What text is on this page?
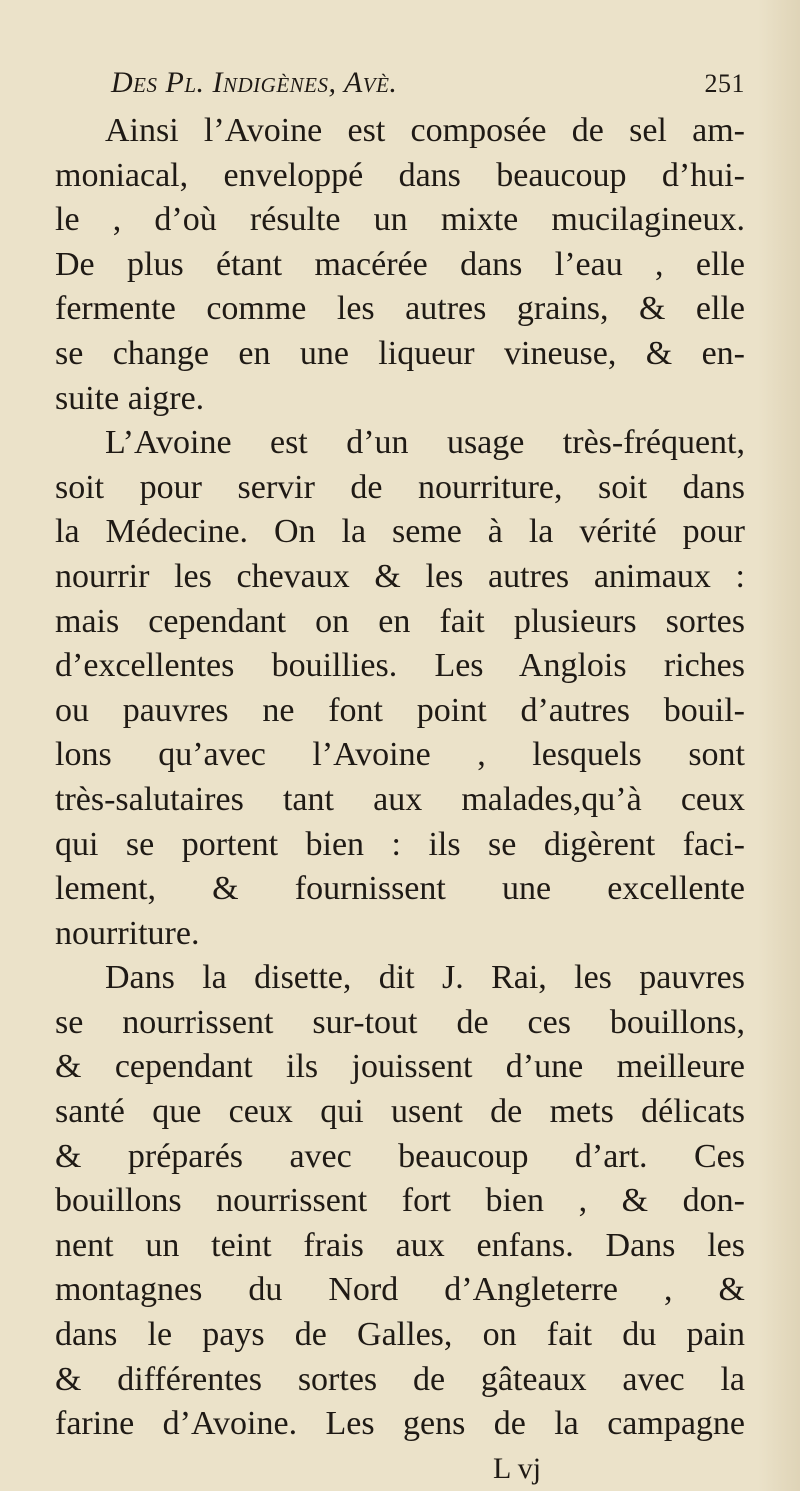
Des Pl. Indigènes, Avè.	251
Ainsi l’Avoine est composée de sel am-
moniacal, enveloppé dans beaucoup d’hui-
le , d’où résulte un mixte mucilagineux.
De plus étant macérée dans l’eau , elle
fermente comme les autres grains, & elle
se change en une liqueur vineuse, & en-
suite aigre.
L’Avoine est d’un usage très-fréquent,
soit pour servir de nourriture, soit dans
la Médecine. On la seme à la vérité pour
nourrir les chevaux & les autres animaux :
mais cependant on en fait plusieurs sortes
d’excellentes bouillies. Les Anglois riches
ou pauvres ne font point d’autres bouil-
lons qu’avec l’Avoine , lesquels sont
très-salutaires tant aux malades,qu’à ceux
qui se portent bien : ils se digèrent faci-
lement, & fournissent une excellente
nourriture.
Dans la disette, dit J. Rai, les pauvres
se nourrissent sur-tout de ces bouillons,
& cependant ils jouissent d’une meilleure
santé que ceux qui usent de mets délicats
& préparés avec beaucoup d’art. Ces
bouillons nourrissent fort bien , & don-
nent un teint frais aux enfans. Dans les
montagnes du Nord d’Angleterre , &
dans le pays de Galles, on fait du pain
& différentes sortes de gâteaux avec la
farine d’Avoine. Les gens de la campagne
L vj
